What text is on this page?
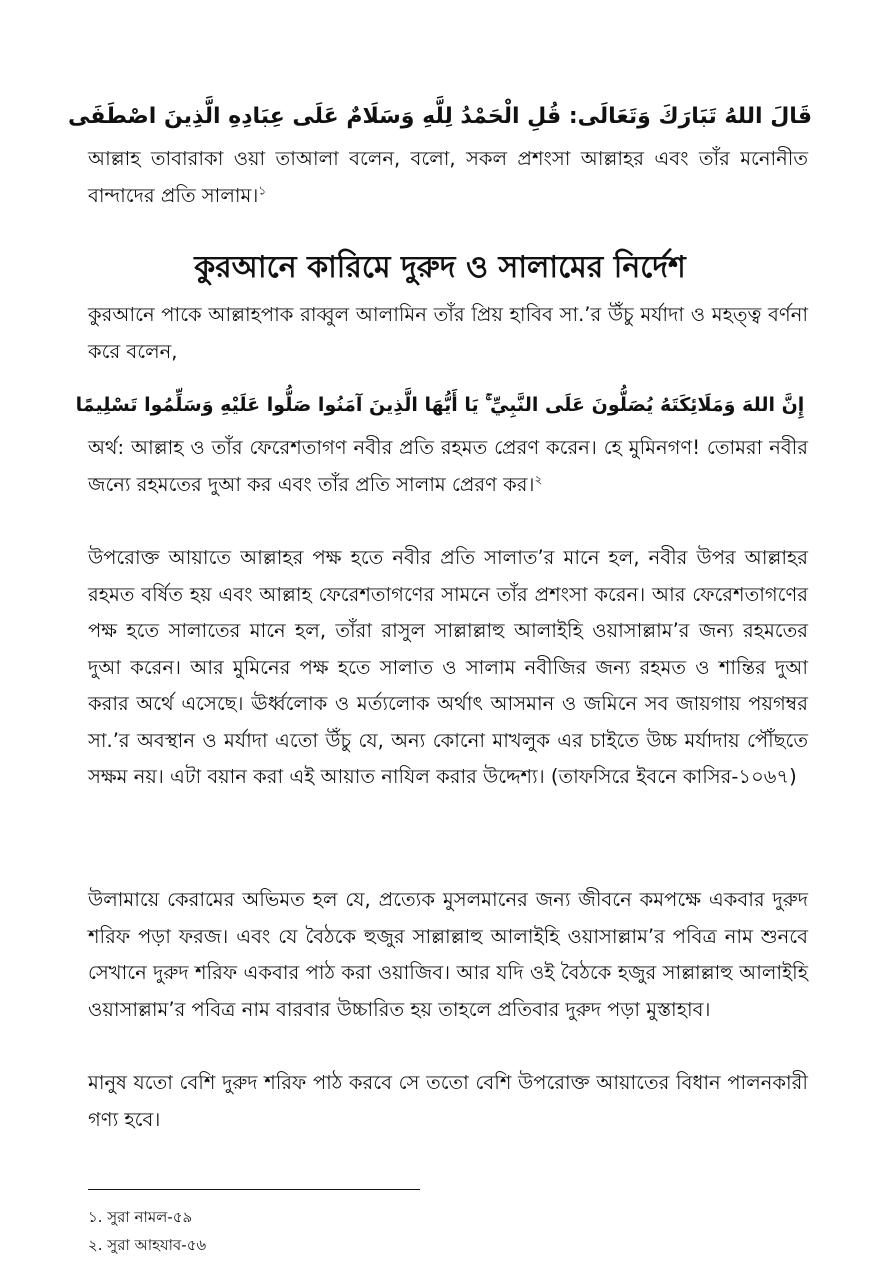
قَالَ اللهُ تَبَارَكَ وَتَعَالَى: قُلِ الْحَمْدُ لِلَّهِ وَسَلَامٌ عَلَى عِبَادِهِ الَّذِينَ اصْطَفَى
আল্লাহ তাবারাকা ওয়া তাআলা বলেন, বলো, সকল প্রশংসা আল্লাহর এবং তাঁর মনোনীত বান্দাদের প্রতি সালাম।$^১$
কুরআনে কারিমে দুরুদ ও সালামের নির্দেশ
কুরআনে পাকে আল্লাহপাক রাব্বুল আলামিন তাঁর প্রিয় হাবিব সা.’র উঁচু মর্যাদা ও মহত্ত্ব বর্ণনা করে বলেন,
إِنَّ اللهَ وَمَلَائِكَتَهُ يُصَلُّونَ عَلَى النَّبِيِّ ۚ يَا أَيُّهَا الَّذِينَ آمَنُوا صَلُّوا عَلَيْهِ وَسَلِّمُوا تَسْلِيمًا
অর্থ: আল্লাহ ও তাঁর ফেরেশতাগণ নবীর প্রতি রহমত প্রেরণ করেন। হে মুমিনগণ! তোমরা নবীর জন্যে রহমতের দুআ কর এবং তাঁর প্রতি সালাম প্রেরণ কর।$^২$
উপরোক্ত আয়াতে আল্লাহর পক্ষ হতে নবীর প্রতি সালাত’র মানে হল, নবীর উপর আল্লাহর রহমত বর্ষিত হয় এবং আল্লাহ ফেরেশতাগণের সামনে তাঁর প্রশংসা করেন। আর ফেরেশতাগণের পক্ষ হতে সালাতের মানে হল, তাঁরা রাসুল সাল্লাল্লাহু আলাইহি ওয়াসাল্লাম’র জন্য রহমতের দুআ করেন। আর মুমিনের পক্ষ হতে সালাত ও সালাম নবীজির জন্য রহমত ও শান্তির দুআ করার অর্থে এসেছে। ঊর্ধ্বলোক ও মর্ত্যলোক অর্থাৎ আসমান ও জমিনে সব জায়গায় পয়গম্বর সা.’র অবস্থান ও মর্যাদা এতো উঁচু যে, অন্য কোনো মাখলুক এর চাইতে উচ্চ মর্যাদায় পৌঁছতে সক্ষম নয়। এটা বয়ান করা এই আয়াত নাযিল করার উদ্দেশ্য। (তাফসিরে ইবনে কাসির-১০৬৭)
উলামায়ে কেরামের অভিমত হল যে, প্রত্যেক মুসলমানের জন্য জীবনে কমপক্ষে একবার দুরুদ শরিফ পড়া ফরজ। এবং যে বৈঠকে হুজুর সাল্লাল্লাহু আলাইহি ওয়াসাল্লাম’র পবিত্র নাম শুনবে সেখানে দুরুদ শরিফ একবার পাঠ করা ওয়াজিব। আর যদি ওই বৈঠকে হজুর সাল্লাল্লাহু আলাইহি ওয়াসাল্লাম’র পবিত্র নাম বারবার উচ্চারিত হয় তাহলে প্রতিবার দুরুদ পড়া মুস্তাহাব।
মানুষ যতো বেশি দুরুদ শরিফ পাঠ করবে সে ততো বেশি উপরোক্ত আয়াতের বিধান পালনকারী গণ্য হবে।
১. সুরা নামল-৫৯
২. সুরা আহযাব-৫৬
